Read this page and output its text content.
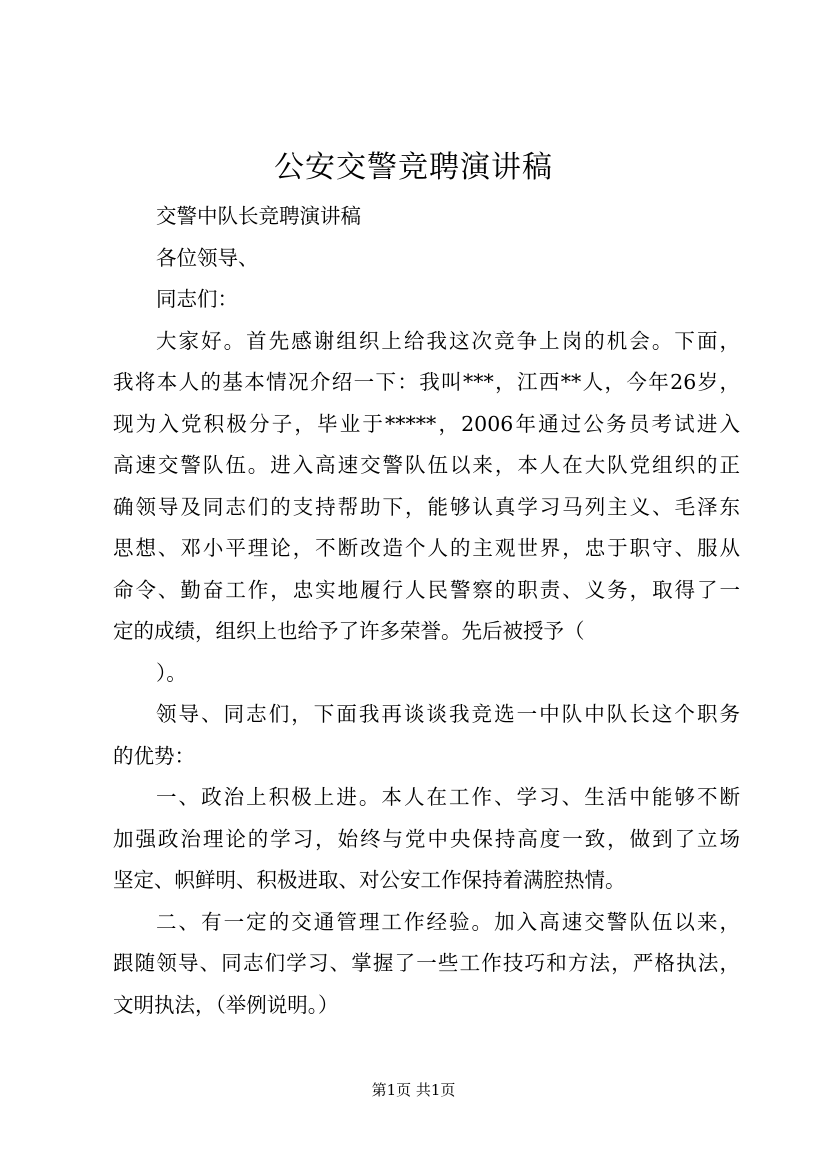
公安交警竞聘演讲稿
交警中队长竞聘演讲稿
各位领导、
同志们：
大家好。首先感谢组织上给我这次竞争上岗的机会。下面，
我将本人的基本情况介绍一下：我叫***，江西**人，今年26岁，
现为入党积极分子，毕业于*****，2006年通过公务员考试进入
高速交警队伍。进入高速交警队伍以来，本人在大队党组织的正
确领导及同志们的支持帮助下，能够认真学习马列主义、毛泽东
思想、邓小平理论，不断改造个人的主观世界，忠于职守、服从
命令、勤奋工作，忠实地履行人民警察的职责、义务，取得了一
定的成绩，组织上也给予了许多荣誉。先后被授予（
）。
领导、同志们，下面我再谈谈我竞选一中队中队长这个职务
的优势：
一、政治上积极上进。本人在工作、学习、生活中能够不断
加强政治理论的学习，始终与党中央保持高度一致，做到了立场
坚定、帜鲜明、积极进取、对公安工作保持着满腔热情。
二、有一定的交通管理工作经验。加入高速交警队伍以来，
跟随领导、同志们学习、掌握了一些工作技巧和方法，严格执法，
文明执法，（举例说明。）
第1页 共1页
